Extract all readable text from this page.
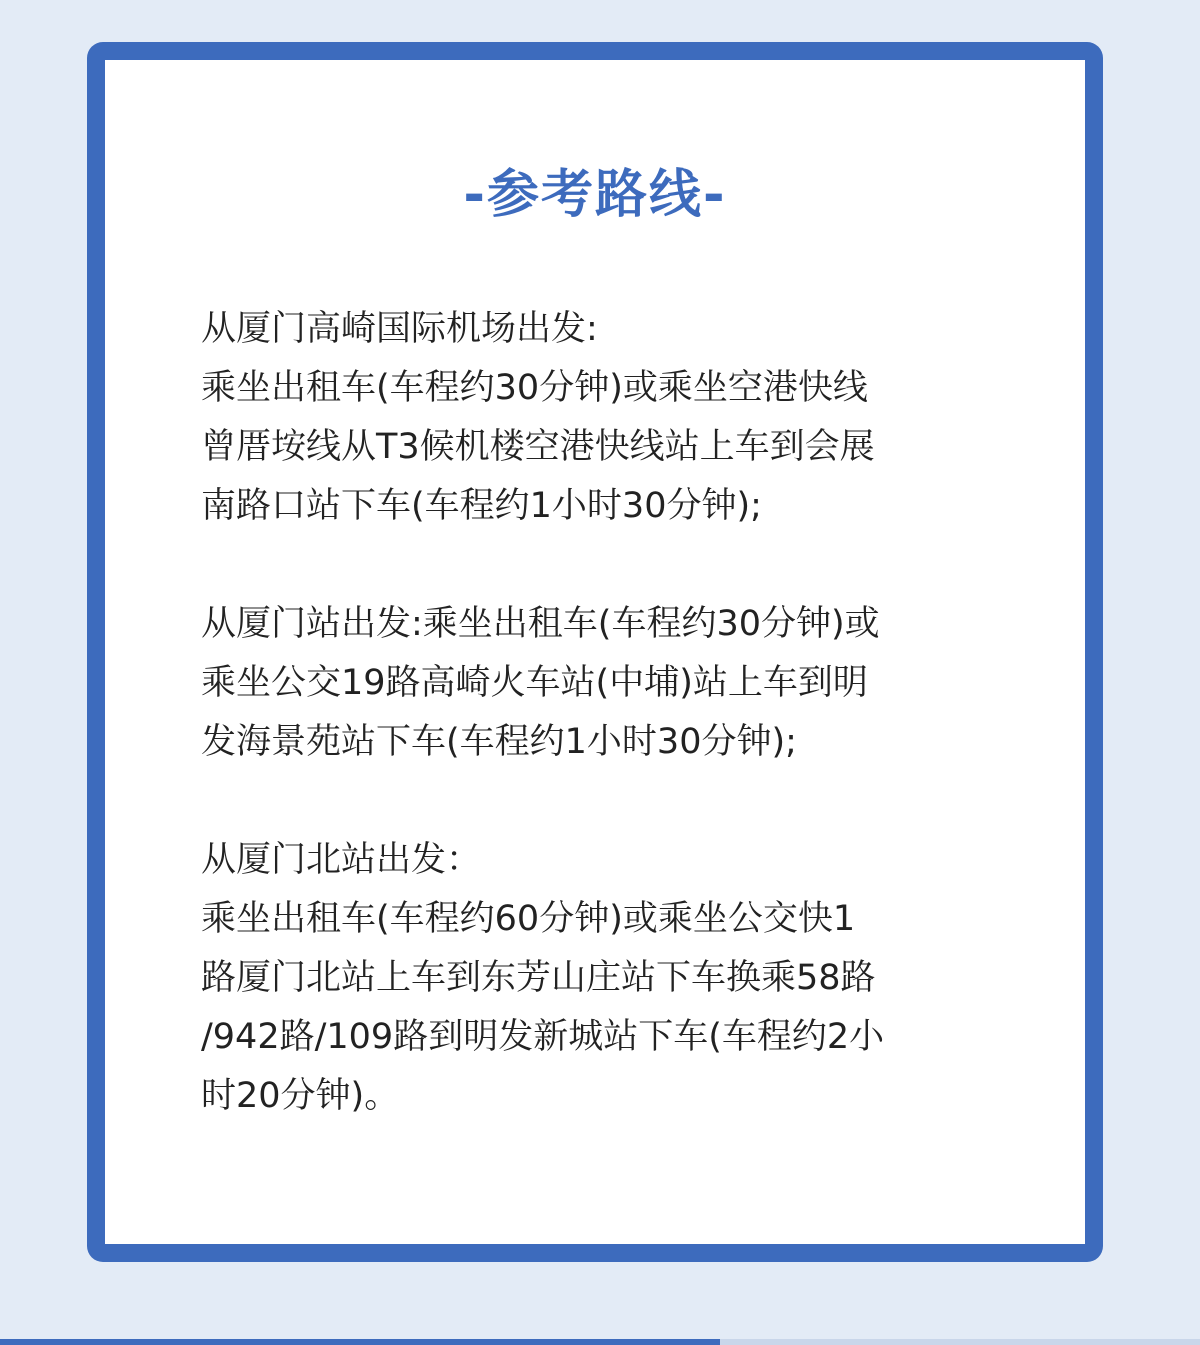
-参考路线-
从厦门高崎国际机场出发:
乘坐出租车(车程约30分钟)或乘坐空港快线
曾厝垵线从T3候机楼空港快线站上车到会展
南路口站下车(车程约1小时30分钟);
从厦门站出发:乘坐出租车(车程约30分钟)或
乘坐公交19路高崎火车站(中埔)站上车到明
发海景苑站下车(车程约1小时30分钟);
从厦门北站出发：
乘坐出租车(车程约60分钟)或乘坐公交快1
路厦门北站上车到东芳山庄站下车换乘58路
/942路/109路到明发新城站下车(车程约2小
时20分钟)。
